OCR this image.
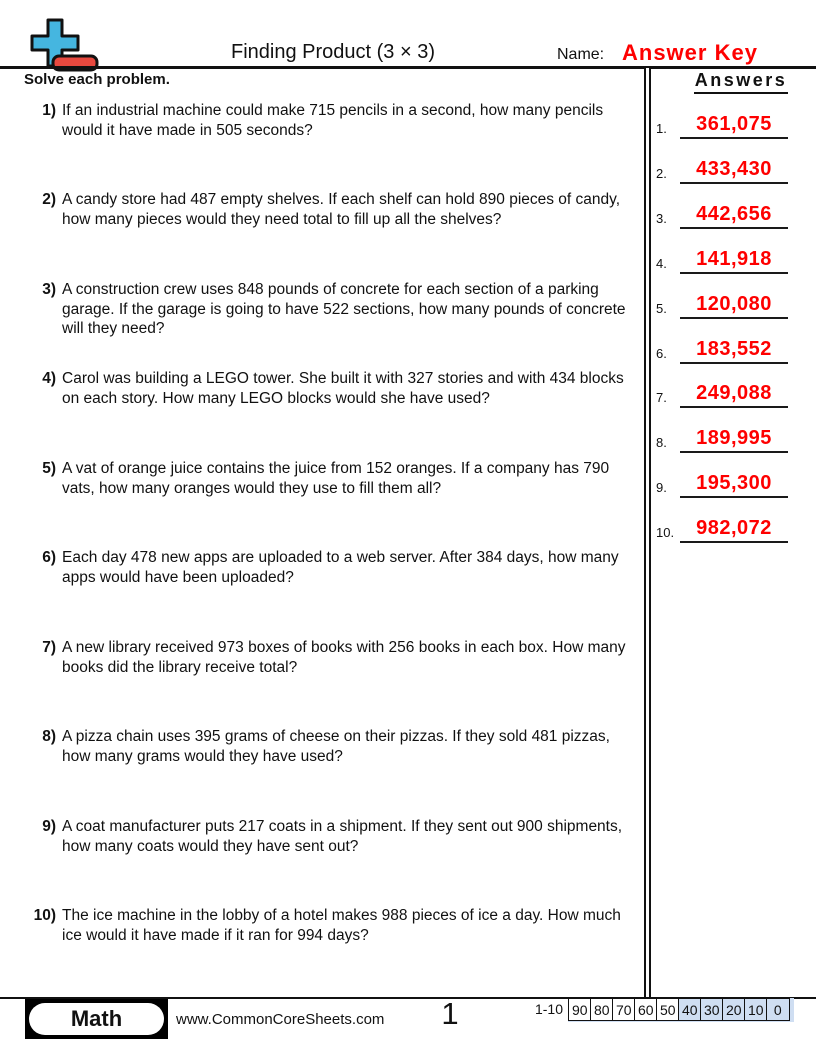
Finding Product (3 × 3)	Name: Answer Key
Solve each problem.
1) If an industrial machine could make 715 pencils in a second, how many pencils would it have made in 505 seconds?
2) A candy store had 487 empty shelves. If each shelf can hold 890 pieces of candy, how many pieces would they need total to fill up all the shelves?
3) A construction crew uses 848 pounds of concrete for each section of a parking garage. If the garage is going to have 522 sections, how many pounds of concrete will they need?
4) Carol was building a LEGO tower. She built it with 327 stories and with 434 blocks on each story. How many LEGO blocks would she have used?
5) A vat of orange juice contains the juice from 152 oranges. If a company has 790 vats, how many oranges would they use to fill them all?
6) Each day 478 new apps are uploaded to a web server. After 384 days, how many apps would have been uploaded?
7) A new library received 973 boxes of books with 256 books in each box. How many books did the library receive total?
8) A pizza chain uses 395 grams of cheese on their pizzas. If they sold 481 pizzas, how many grams would they have used?
9) A coat manufacturer puts 217 coats in a shipment. If they sent out 900 shipments, how many coats would they have sent out?
10) The ice machine in the lobby of a hotel makes 988 pieces of ice a day. How much ice would it have made if it ran for 994 days?
Answers
1.	361,075
2.	433,430
3.	442,656
4.	141,918
5.	120,080
6.	183,552
7.	249,088
8.	189,995
9.	195,300
10.	982,072
Math	www.CommonCoreSheets.com	1	1-10 90 80 70 60 50 40 30 20 10 0
